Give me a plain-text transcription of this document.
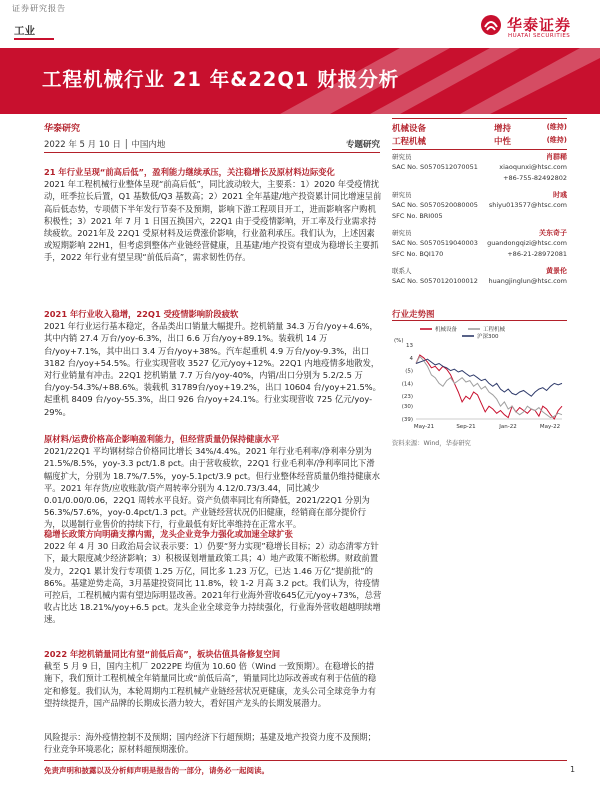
证券研究报告
工业	华泰证券
HUATAI SECURITIES
工程机械行业 21 年&22Q1 财报分析
华泰研究
2022 年 5 月 10 日 │ 中国内地	专题研究

21 年行业呈现“前高后低”，盈利能力继续承压，关注稳增长及原材料边际变化

2021 年工程机械行业整体呈现“前高后低”，同比波动较大，主要系：1）2020 年受疫情扰动，旺季拉长后置，Q1 基数低/Q3 基数高；2）2021 全年基建/地产投资累计同比增速呈前高后低态势，专项债下半年发行节奏不及预期，影响下游工程项目开工，进而影响客户购机积极性；3）2021 年 7 月 1 日国五换国六，22Q1 由于受疫情影响，开工率及行业需求持续疲软。2021年及 22Q1 受原材料及运费涨价影响，行业盈利承压。我们认为，上述因素或短期影响 22H1，但考虑到整体产业链经营健康，且基建/地产投资有望成为稳增长主要抓手，2022 年行业有望呈现“前低后高”，需求韧性仍存。

2021 年行业收入稳增，22Q1 受疫情影响阶段疲软

2021 年行业运行基本稳定，各品类出口销量大幅提升。挖机销量 34.3 万台/yoy+4.6%，其中内销 27.4 万台/yoy-6.3%，出口 6.6 万台/yoy+89.1%。装载机 14 万台/yoy+7.1%，其中出口 3.4 万台/yoy+38%。汽车起重机 4.9 万台/yoy-9.3%，出口 3182 台/yoy+54.5%。行业实现营收 3527 亿元/yoy+12%。22Q1 内地疫情多地散发，对行业销量有冲击。22Q1 挖机销量 7.7 万台/yoy-40%，内销/出口分别为 5.2/2.5 万台/yoy-54.3%/+88.6%。装载机 31789台/yoy+19.2%，出口 10604 台/yoy+21.5%。起重机 8409 台/yoy-55.3%，出口 926 台/yoy+24.1%。行业实现营收 725 亿元/yoy-29%。

原材料/运费价格高企影响盈利能力，但经营质量仍保持健康水平

2021/22Q1 平均钢材综合价格同比增长 34%/4.4%。2021 年行业毛利率/净利率分别为 21.5%/8.5%，yoy-3.3 pct/1.8 pct。由于营收疲软，22Q1 行业毛利率/净利率同比下滑幅度扩大，分别为 18.7%/7.5%，yoy-5.1pct/3.9 pct。但行业整体经营质量仍维持健康水平。2021 年存货/应收账款/资产周转率分别为 4.12/0.73/3.44，同比减少 0.01/0.00/0.06，22Q1 周转水平良好。资产负债率同比有所降低，2021/22Q1 分别为 56.3%/57.6%，yoy-0.4pct/1.3 pct。产业链经营状况仍旧健康，经销商在部分提价行为，以遏制行业售价的持续下行，行业最低有好比率维持在正常水平。

稳增长政策方向明确支撑内需，龙头企业竞争力强化或加速全球扩张

2022 年 4 月 30 日政治局会议表示要：1）仍要“努力实现”稳增长目标；2）动态清零方针下，最大限度减少经济影响；3）积极谋划增量政策工具；4）地产政策不断松绑。财政前置发力，22Q1 累计发行专项债 1.25 万亿，同比多 1.23 万亿，已达 1.46 万亿“提前批”的 86%。基建逆势走高，3月基建投资同比 11.8%，较 1-2 月高 3.2 pct。我们认为，待疫情可控后，工程机械内需有望边际明显改善。2021年行业海外营收645亿元/yoy+73%，总营收占比达 18.21%/yoy+6.5 pct。龙头企业全球竞争力持续强化，行业海外营收超越明续增速。

2022 年挖机销量同比有望“前低后高”，板块估值具备修复空间

截至 5 月 9 日，国内主机厂 2022PE 均值为 10.60 倍（Wind 一致预期）。在稳增长的措施下，我们预计工程机械全年销量同比或“前低后高”，销量同比边际改善或有利于估值的稳定和修复。我们认为，本轮周期内工程机械产业链经营状况更健康，龙头公司全球竞争力有望持续提升，国产品牌的长期成长潜力较大，看好国产龙头的长期发展潜力。

风险提示：海外疫情控制不及预期；国内经济下行超预期；基建及地产投资力度不及预期；行业竞争环境恶化；原材料超预期涨价。
机械设备	增持	(维持)
工程机械	中性	(维持)
研究员	肖群稀
SAC No. S0570512070051	xiaoqunxi@htsc.com
+86-755-82492802
研究员	时彧
SAC No. S0570520080005 shiyu013577@htsc.com
SFC No. BRI005
研究员	关东奇子
SAC No. S0570519040003 guandongqizi@htsc.com
SFC No. BQI170	+86-21-28972081
联系人	黄景伦
SAC No. S0570120100012 huangjinglun@htsc.com
行业走势图
机械设备	工程机械
沪深300
(%)
13
4
(5)
(14)
(23)
(30)
(39)
May-21	Sep-21	Jan-22	May-22
资料来源：Wind，华泰研究
免责声明和披露以及分析师声明是报告的一部分，请务必一起阅读。	1
